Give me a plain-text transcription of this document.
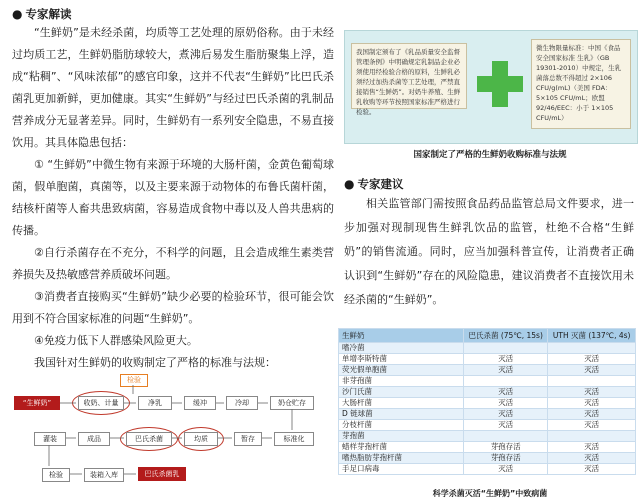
● 专家解读

“生鲜奶”是未经杀菌，均质等工艺处理的原奶俗称。由于未经过均质工艺，生鲜奶脂肪球较大，煮沸后易发生脂肪聚集上浮，造成“粘稠”、“风味浓郁”的感官印象，这并不代表“生鲜奶”比巴氏杀菌乳更加新鲜，更加健康。其实“生鲜奶”与经过巴氏杀菌的乳制品营养成分无显著差异。同时，生鲜奶有一系列安全隐患，不易直接饮用。其具体隐患包括：

① “生鲜奶”中微生物有来源于环境的大肠杆菌，金黄色葡萄球菌，假单胞菌，真菌等，以及主要来源于动物体的布鲁氏菌杆菌，结核杆菌等人畜共患致病菌，容易造成食物中毒以及人兽共患病的传播。

②自行杀菌存在不充分，不科学的问题，且会造成维生素类营养损失及热敏感营养质破坏问题。

③消费者直接购买“生鲜奶”缺少必要的检验环节，很可能会饮用到不符合国家标准的问题“生鲜奶”。

④免疫力低下人群感染风险更大。

我国针对生鲜奶的收购制定了严格的标准与法规：

检验
“生鲜奶”	收奶、计量	净乳	缓冲	冷却	奶仓贮存
灌装	成品	巴氏杀菌	均质	暂存	标准化
检验	装箱入库	巴氏杀菌乳
我国制定颁布了《乳品质量安全监督管理条例》中明确规定乳制品企业必须使用经检验合格的原料，生鲜乳必须经过加热杀菌等工艺处理，严禁直接销售“生鲜奶”。对奶牛养殖、生鲜乳收购等环节按照国家标准严格进行检验。
微生物限量标准：中国《食品安全国家标准 生乳》（GB 19301-2010）中规定，生乳菌落总数不得超过 2×106 CFU/g(mL)（美国 FDA：5×105 CFU/mL；欧盟 92/46/EEC：小于 1×105 CFU/mL）
国家制定了严格的生鲜奶收购标准与法规
● 专家建议

相关监管部门需按照食品药品监管总局文件要求，进一步加强对现制现售生鲜乳饮品的监管，杜绝不合格“生鲜奶”的销售流通。同时，应当加强科普宣传，让消费者正确认识到“生鲜奶”存在的风险隐患，建议消费者不直接饮用未经杀菌的“生鲜奶”。

生鲜奶	巴氏杀菌 (75℃, 15s)	UTH 灭菌 (137℃, 4s)
嗜冷菌		
单增李斯特菌	灭活	灭活
荧光假单胞菌	灭活	灭活
非芽孢菌		
沙门氏菌	灭活	灭活
大肠杆菌	灭活	灭活
D 链球菌	灭活	灭活
分枝杆菌	灭活	灭活
芽孢菌		
蜡样芽孢杆菌	芽孢存活	灭活
嗜热脂肪芽孢杆菌	芽孢存活	灭活
手足口病毒	灭活	灭活
科学杀菌灭活“生鲜奶”中致病菌
